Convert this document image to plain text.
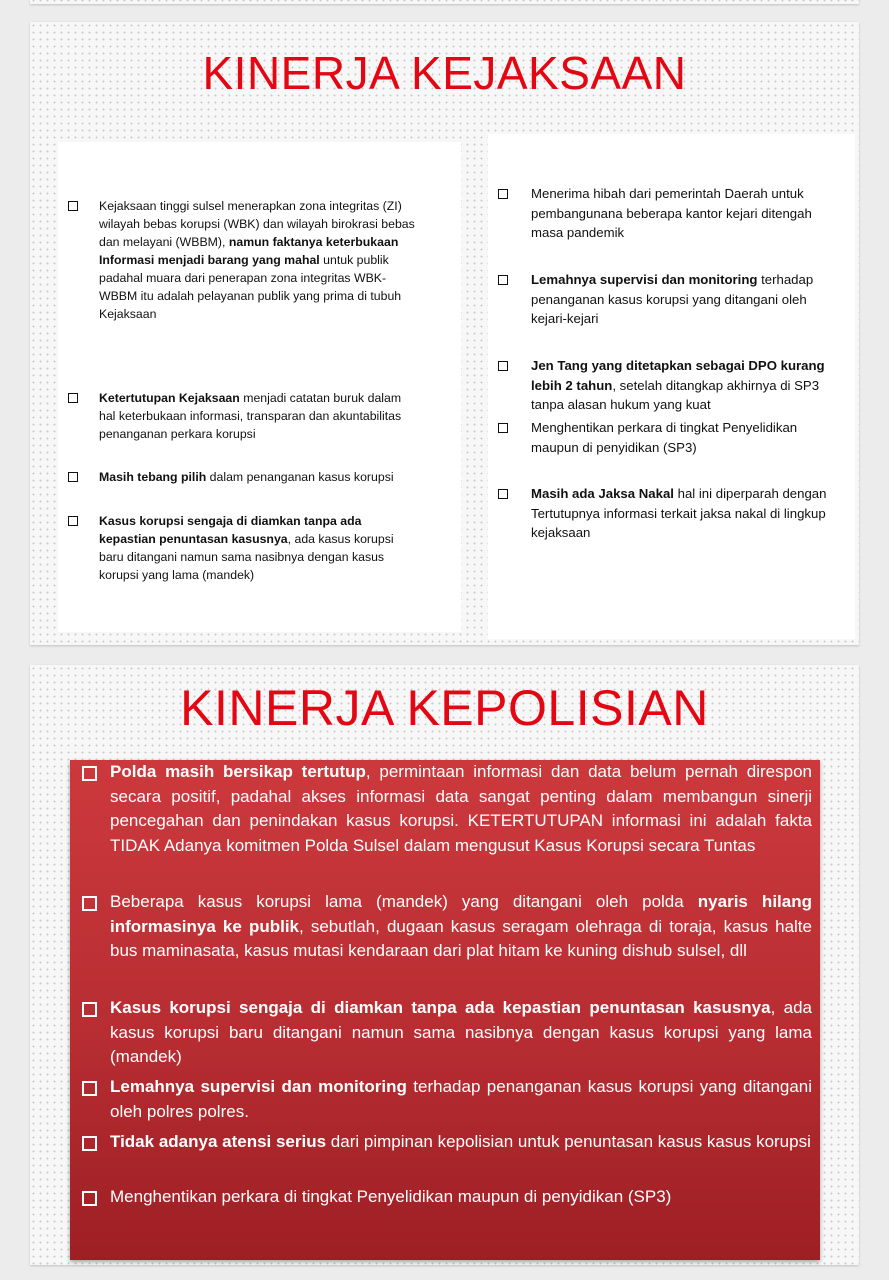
KINERJA KEJAKSAAN
Kejaksaan tinggi sulsel menerapkan zona integritas (ZI) wilayah bebas korupsi (WBK) dan wilayah birokrasi bebas dan melayani (WBBM), namun faktanya keterbukaan Informasi menjadi barang yang mahal untuk publik padahal muara dari penerapan zona integritas WBK-WBBM itu adalah pelayanan publik yang prima di tubuh Kejaksaan
Ketertutupan Kejaksaan menjadi catatan buruk dalam hal keterbukaan informasi, transparan dan akuntabilitas penanganan perkara korupsi
Masih tebang pilih dalam penanganan kasus korupsi
Kasus korupsi sengaja di diamkan tanpa ada kepastian penuntasan kasusnya, ada kasus korupsi baru ditangani namun sama nasibnya dengan kasus korupsi yang lama (mandek)
Menerima hibah dari pemerintah Daerah untuk pembangunana beberapa kantor kejari ditengah masa pandemik
Lemahnya supervisi dan monitoring terhadap penanganan kasus korupsi yang ditangani oleh kejari-kejari
Jen Tang yang ditetapkan sebagai DPO kurang lebih 2 tahun, setelah ditangkap akhirnya di SP3 tanpa alasan hukum yang kuat
Menghentikan perkara di tingkat Penyelidikan maupun di penyidikan (SP3)
Masih ada Jaksa Nakal hal ini diperparah dengan Tertutupnya informasi terkait jaksa nakal di lingkup kejaksaan
KINERJA KEPOLISIAN
Polda masih bersikap tertutup, permintaan informasi dan data belum pernah direspon secara positif, padahal akses informasi data sangat penting dalam membangun sinerji pencegahan dan penindakan kasus korupsi. KETERTUTUPAN informasi ini adalah fakta TIDAK Adanya komitmen Polda Sulsel dalam mengusut Kasus Korupsi secara Tuntas
Beberapa kasus korupsi lama (mandek) yang ditangani oleh polda nyaris hilang informasinya ke publik, sebutlah, dugaan kasus seragam olehraga di toraja, kasus halte bus maminasata, kasus mutasi kendaraan dari plat hitam ke kuning dishub sulsel, dll
Kasus korupsi sengaja di diamkan tanpa ada kepastian penuntasan kasusnya, ada kasus korupsi baru ditangani namun sama nasibnya dengan kasus korupsi yang lama (mandek)
Lemahnya supervisi dan monitoring terhadap penanganan kasus korupsi yang ditangani oleh polres polres.
Tidak adanya atensi serius dari pimpinan kepolisian untuk penuntasan kasus kasus korupsi
Menghentikan perkara di tingkat Penyelidikan maupun di penyidikan (SP3)
